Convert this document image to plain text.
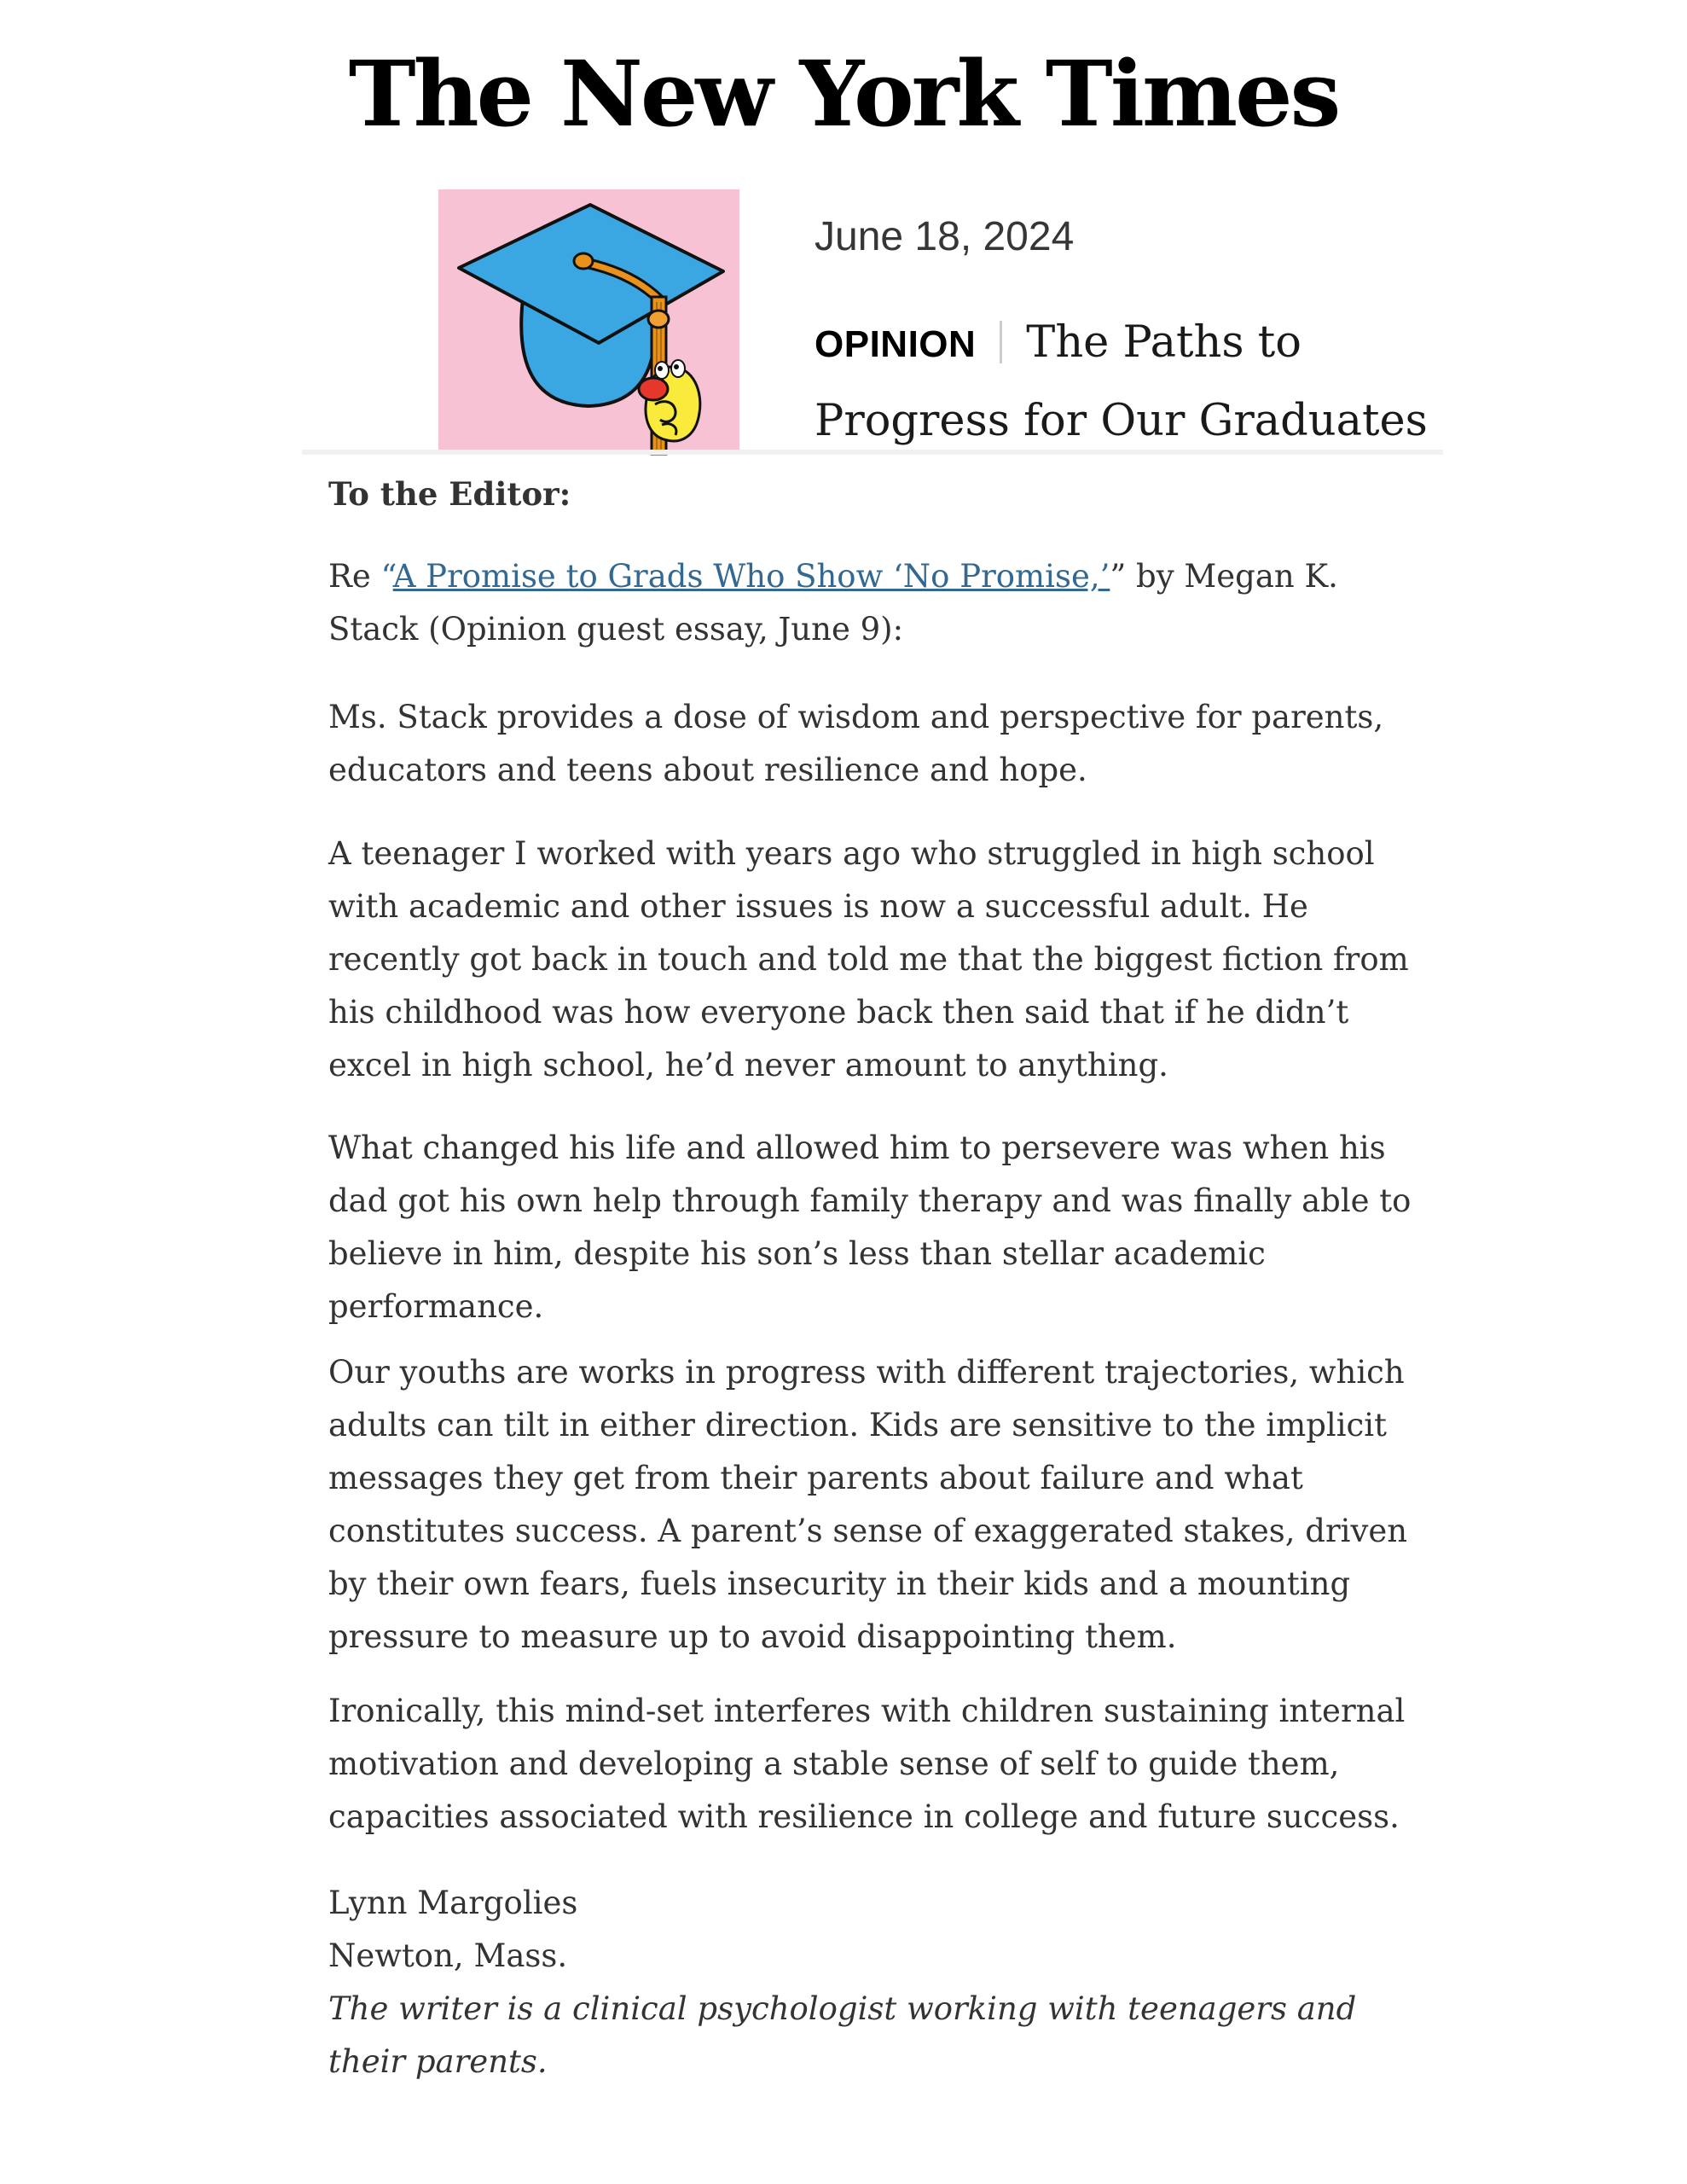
The New York Times
June 18, 2024
OPINION The Paths to Progress for Our Graduates

To the Editor:

Re “A Promise to Grads Who Show ‘No Promise,’” by Megan K. Stack (Opinion guest essay, June 9):

Ms. Stack provides a dose of wisdom and perspective for parents, educators and teens about resilience and hope.

A teenager I worked with years ago who struggled in high school with academic and other issues is now a successful adult. He recently got back in touch and told me that the biggest fiction from his childhood was how everyone back then said that if he didn’t excel in high school, he’d never amount to anything.

What changed his life and allowed him to persevere was when his dad got his own help through family therapy and was finally able to believe in him, despite his son’s less than stellar academic performance.

Our youths are works in progress with different trajectories, which adults can tilt in either direction. Kids are sensitive to the implicit messages they get from their parents about failure and what constitutes success. A parent’s sense of exaggerated stakes, driven by their own fears, fuels insecurity in their kids and a mounting pressure to measure up to avoid disappointing them.

Ironically, this mind-set interferes with children sustaining internal motivation and developing a stable sense of self to guide them, capacities associated with resilience in college and future success.

Lynn Margolies

Newton, Mass.

The writer is a clinical psychologist working with teenagers and their parents.
